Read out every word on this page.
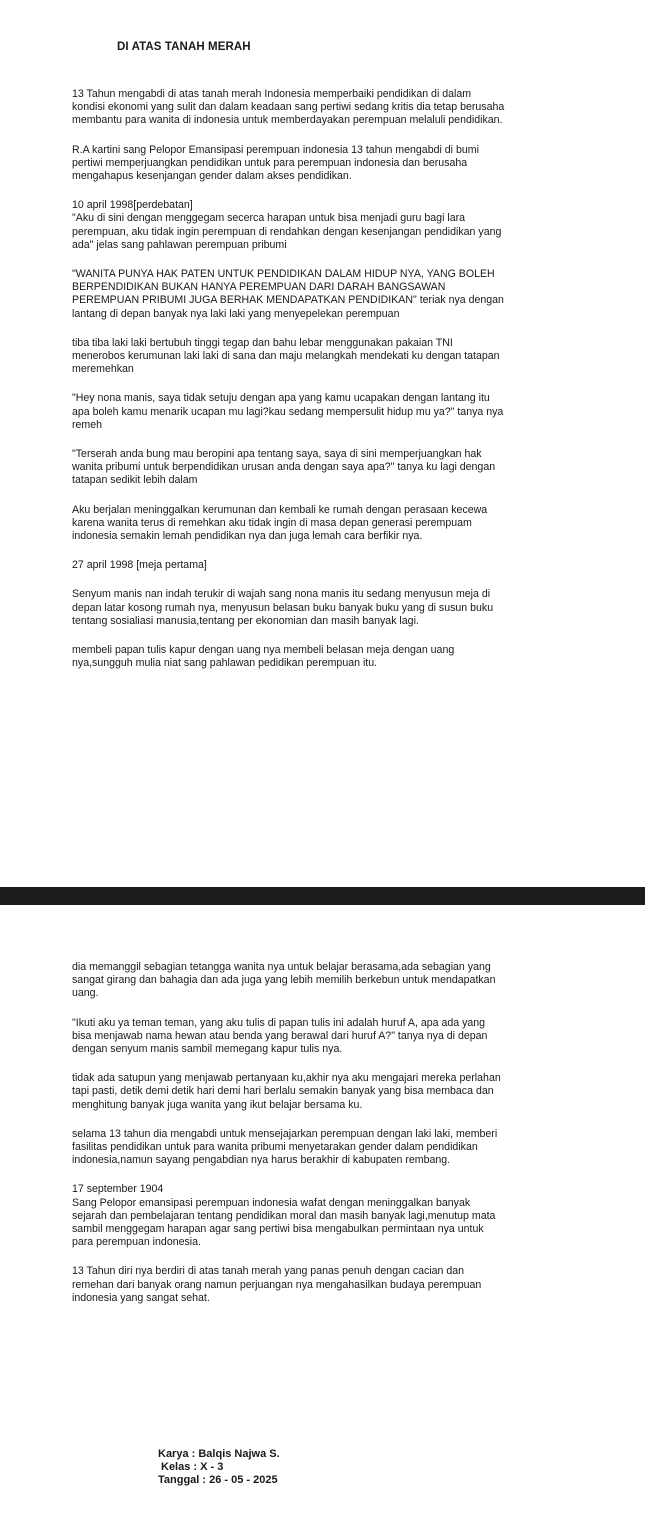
DI ATAS TANAH MERAH

13 Tahun mengabdi di atas tanah merah Indonesia memperbaiki pendidikan di dalam
kondisi ekonomi yang sulit dan dalam keadaan sang pertiwi sedang kritis dia tetap berusaha
membantu para wanita di indonesia untuk memberdayakan perempuan melaluli pendidikan.

R.A kartini sang Pelopor Emansipasi perempuan indonesia 13 tahun mengabdi di bumi
pertiwi memperjuangkan pendidikan untuk para perempuan indonesia dan berusaha
mengahapus kesenjangan gender dalam akses pendidikan.

10 april 1998[perdebatan]
"Aku di sini dengan menggegam secerca harapan untuk bisa menjadi guru bagi lara
perempuan, aku tidak ingin perempuan di rendahkan dengan kesenjangan pendidikan yang
ada" jelas sang pahlawan perempuan pribumi

"WANITA PUNYA HAK PATEN UNTUK PENDIDIKAN DALAM HIDUP NYA, YANG BOLEH
BERPENDIDIKAN BUKAN HANYA PEREMPUAN DARI DARAH BANGSAWAN
PEREMPUAN PRIBUMI JUGA BERHAK MENDAPATKAN PENDIDIKAN" teriak nya dengan
lantang di depan banyak nya laki laki yang menyepelekan perempuan

tiba tiba laki laki bertubuh tinggi tegap dan bahu lebar menggunakan pakaian TNI
menerobos kerumunan laki laki di sana dan maju melangkah mendekati ku dengan tatapan
meremehkan

"Hey nona manis, saya tidak setuju dengan apa yang kamu ucapakan dengan lantang itu
apa boleh kamu menarik ucapan mu lagi?kau sedang mempersulit hidup mu ya?" tanya nya
remeh

"Terserah anda bung mau beropini apa tentang saya, saya di sini memperjuangkan hak
wanita pribumi untuk berpendidikan urusan anda dengan saya apa?" tanya ku lagi dengan
tatapan sedikit lebih dalam

Aku berjalan meninggalkan kerumunan dan kembali ke rumah dengan perasaan kecewa
karena wanita terus di remehkan aku tidak ingin di masa depan generasi perempuam
indonesia semakin lemah pendidikan nya dan juga lemah cara berfikir nya.

27 april 1998 [meja pertama]

Senyum manis nan indah terukir di wajah sang nona manis itu sedang menyusun meja di
depan latar kosong rumah nya, menyusun belasan buku banyak buku yang di susun buku
tentang sosialiasi manusia,tentang per ekonomian dan masih banyak lagi.

membeli papan tulis kapur dengan uang nya membeli belasan meja dengan uang
nya,sungguh mulia niat sang pahlawan pedidikan perempuan itu.

dia memanggil sebagian tetangga wanita nya untuk belajar berasama,ada sebagian yang
sangat girang dan bahagia dan ada juga yang lebih memilih berkebun untuk mendapatkan
uang.

"Ikuti aku ya teman teman, yang aku tulis di papan tulis ini adalah huruf A, apa ada yang
bisa menjawab nama hewan atau benda yang berawal dari huruf A?" tanya nya di depan
dengan senyum manis sambil memegang kapur tulis nya.

tidak ada satupun yang menjawab pertanyaan ku,akhir nya aku mengajari mereka perlahan
tapi pasti, detik demi detik hari demi hari berlalu semakin banyak yang bisa membaca dan
menghitung banyak juga wanita yang ikut belajar bersama ku.

selama 13 tahun dia mengabdi untuk mensejajarkan perempuan dengan laki laki, memberi
fasilitas pendidikan untuk para wanita pribumi menyetarakan gender dalam pendidikan
indonesia,namun sayang pengabdian nya harus berakhir di kabupaten rembang.

17 september 1904
Sang Pelopor emansipasi perempuan indonesia wafat dengan meninggalkan banyak
sejarah dan pembelajaran tentang pendidikan moral dan masih banyak lagi,menutup mata
sambil menggegam harapan agar sang pertiwi bisa mengabulkan permintaan nya untuk
para perempuan indonesia.

13 Tahun diri nya berdiri di atas tanah merah yang panas penuh dengan cacian dan
remehan dari banyak orang namun perjuangan nya mengahasilkan budaya perempuan
indonesia yang sangat sehat.

Karya : Balqis Najwa S.
Kelas : X - 3
Tanggal : 26 - 05 - 2025
